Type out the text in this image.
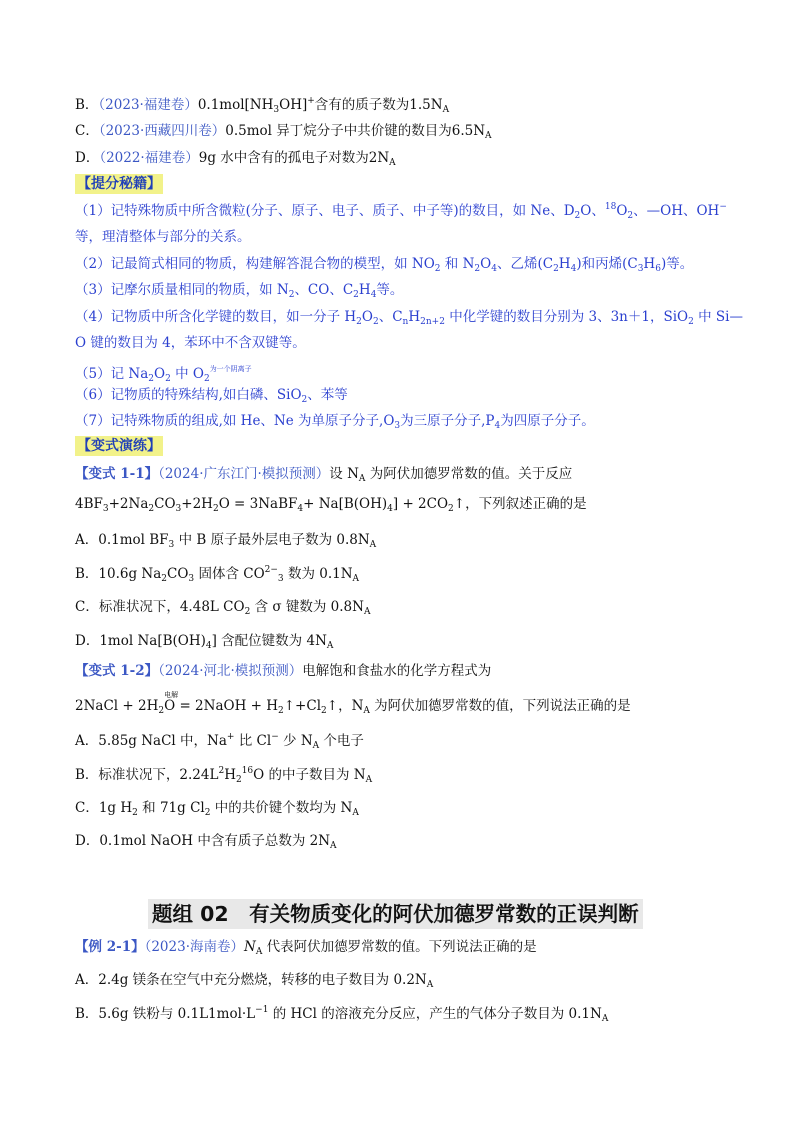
B．（2023·福建卷）$0.1mol[NH_3OH]^+$含有的质子数为$1.5N_A$
C．（2023·西藏四川卷）0.5mol 异丁烷分子中共价键的数目为$6.5N_A$
D．（2022·福建卷）9g 水中含有的孤电子对数为$2N_A$
【提分秘籍】
（1）记特殊物质中所含微粒(分子、原子、电子、质子、中子等)的数目，如 Ne、$D_2O$、$^{18}O_2$、—OH、OH−
等，理清整体与部分的关系。
（2）记最简式相同的物质，构建解答混合物的模型，如 $NO_2$ 和 $N_2O_4$、乙烯$(C_2H_4)$和丙烯$(C_3H_6)$等。
（3）记摩尔质量相同的物质，如 $N_2$、CO、$C_2H_4$等。
（4）记物质中所含化学键的数目，如一分子 $H_2O_2$、$C_nH_{2n+2}$ 中化学键的数目分别为 3、3n＋1，SiO$_2$ 中 Si—
O 键的数目为 4，苯环中不含双键等。
（5）记 $Na_2O_2$ 中 $O_2^{为一个阴离子}$
（6）记物质的特殊结构,如白磷、SiO$_2$、苯等
（7）记特殊物质的组成,如 He、Ne 为单原子分子$,O_3$为三原子分子$,P_4$为四原子分子。
【变式演练】
【变式 1-1】（2024·广东江门·模拟预测）设 $N_A$ 为阿伏加德罗常数的值。关于反应
$4BF_3+2Na_2CO_3+2H_2O$ = 3NaBF$_4$+ $Na[B(OH)_4]$ + $2CO_2↑$，下列叙述正确的是
A．0.1mol $BF_3$ 中 B 原子最外层电子数为 $0.8N_A$
B．10.6g $Na_2CO_3$ 固体含 $CO^{2-}_3$ 数为 $0.1N_A$
C．标准状况下，4.48L $CO_2$ 含 σ 键数为 $0.8N_A$
D．1mol $Na[B(OH)_4]$ 含配位键数为 $4N_A$
【变式 1-2】（2024·河北·模拟预测）电解饱和食盐水的化学方程式为
2NaCl + $2H_2$
电解
O = 2NaOH + $H_2↑+Cl_2↑$，$N_A$ 为阿伏加德罗常数的值，下列说法正确的是
A．5.85g NaCl 中，Na+ 比 Cl− 少 $N_A$ 个电子
B．标准状况下，$2.24L^2H_2^{16}O$ 的中子数目为 $N_A$
C．1g $H_2$ 和 71g $Cl_2$ 中的共价键个数均为 $N_A$
D．0.1mol NaOH 中含有质子总数为 $2N_A$
题组 02　有关物质变化的阿伏加德罗常数的正误判断
【例 2-1】（2023·海南卷）$N_A$ 代表阿伏加德罗常数的值。下列说法正确的是
A．2.4g 镁条在空气中充分燃烧，转移的电子数目为 $0.2N_A$
B．5.6g 铁粉与 $0.1L1mol\cdot L^{-1}$ 的 HCl 的溶液充分反应，产生的气体分子数目为 $0.1N_A$
